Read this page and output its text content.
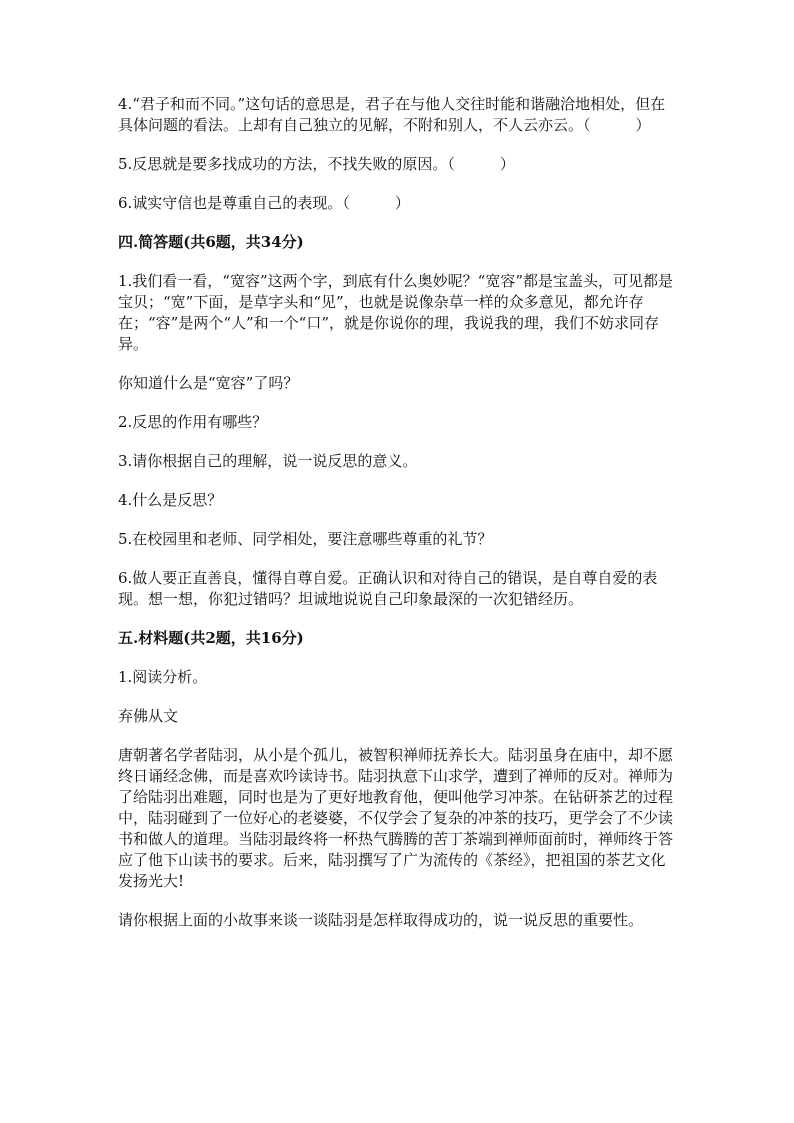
4.“君子和而不同。”这句话的意思是，君子在与他人交往时能和谐融洽地相处，但在具体问题的看法。上却有自己独立的见解，不附和别人，不人云亦云。（　　　）

5.反思就是要多找成功的方法，不找失败的原因。（　　　）

6.诚实守信也是尊重自己的表现。（　　　）

四.简答题(共6题，共34分)

1.我们看一看，“宽容”这两个字，到底有什么奥妙呢？“宽容”都是宝盖头，可见都是宝贝；“宽”下面，是草字头和“见”，也就是说像杂草一样的众多意见，都允许存在；“容”是两个“人”和一个“口”，就是你说你的理，我说我的理，我们不妨求同存异。

你知道什么是“宽容”了吗？

2.反思的作用有哪些？

3.请你根据自己的理解，说一说反思的意义。

4.什么是反思？

5.在校园里和老师、同学相处，要注意哪些尊重的礼节？

6.做人要正直善良，懂得自尊自爱。正确认识和对待自己的错误，是自尊自爱的表现。想一想，你犯过错吗？坦诚地说说自己印象最深的一次犯错经历。

五.材料题(共2题，共16分)

1.阅读分析。

弃佛从文

唐朝著名学者陆羽，从小是个孤儿，被智积禅师抚养长大。陆羽虽身在庙中，却不愿终日诵经念佛，而是喜欢吟读诗书。陆羽执意下山求学，遭到了禅师的反对。禅师为了给陆羽出难题，同时也是为了更好地教育他，便叫他学习冲茶。在钻研茶艺的过程中，陆羽碰到了一位好心的老婆婆，不仅学会了复杂的冲茶的技巧，更学会了不少读书和做人的道理。当陆羽最终将一杯热气腾腾的苦丁茶端到禅师面前时，禅师终于答应了他下山读书的要求。后来，陆羽撰写了广为流传的《茶经》，把祖国的茶艺文化发扬光大!

请你根据上面的小故事来谈一谈陆羽是怎样取得成功的，说一说反思的重要性。
